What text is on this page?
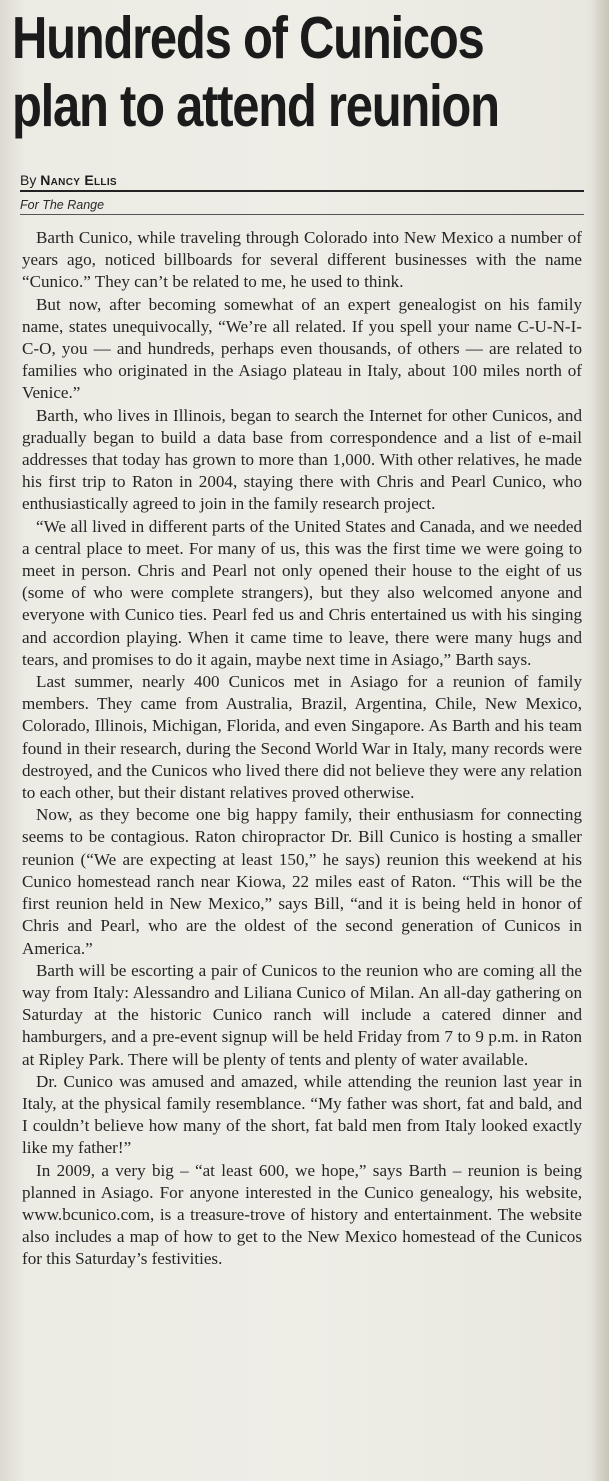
Hundreds of Cunicos
plan to attend reunion
By Nancy Ellis
For The Range

Barth Cunico, while traveling through Colorado into New Mexico a number of years ago, noticed billboards for several different businesses with the name “Cunico.” They can’t be related to me, he used to think.

But now, after becoming somewhat of an expert genealogist on his family name, states unequivocally, “We’re all related. If you spell your name C-U-N-I-C-O, you — and hundreds, perhaps even thousands, of others — are related to families who originated in the Asiago plateau in Italy, about 100 miles north of Venice.”

Barth, who lives in Illinois, began to search the Internet for other Cunicos, and gradually began to build a data base from correspondence and a list of e-mail addresses that today has grown to more than 1,000. With other relatives, he made his first trip to Raton in 2004, staying there with Chris and Pearl Cunico, who enthusiastically agreed to join in the family research project.

“We all lived in different parts of the United States and Canada, and we needed a central place to meet. For many of us, this was the first time we were going to meet in person. Chris and Pearl not only opened their house to the eight of us (some of who were complete strangers), but they also welcomed anyone and everyone with Cunico ties. Pearl fed us and Chris entertained us with his singing and accordion playing. When it came time to leave, there were many hugs and tears, and promises to do it again, maybe next time in Asiago,” Barth says.

Last summer, nearly 400 Cunicos met in Asiago for a reunion of family members. They came from Australia, Brazil, Argentina, Chile, New Mexico, Colorado, Illinois, Michigan, Florida, and even Singapore. As Barth and his team found in their research, during the Second World War in Italy, many records were destroyed, and the Cunicos who lived there did not believe they were any relation to each other, but their distant relatives proved otherwise.

Now, as they become one big happy family, their enthusiasm for connecting seems to be contagious. Raton chiropractor Dr. Bill Cunico is hosting a smaller reunion (“We are expecting at least 150,” he says) reunion this weekend at his Cunico homestead ranch near Kiowa, 22 miles east of Raton. “This will be the first reunion held in New Mexico,” says Bill, “and it is being held in honor of Chris and Pearl, who are the oldest of the second generation of Cunicos in America.”

Barth will be escorting a pair of Cunicos to the reunion who are coming all the way from Italy: Alessandro and Liliana Cunico of Milan. An all-day gathering on Saturday at the historic Cunico ranch will include a catered dinner and hamburgers, and a pre-event signup will be held Friday from 7 to 9 p.m. in Raton at Ripley Park. There will be plenty of tents and plenty of water available.

Dr. Cunico was amused and amazed, while attending the reunion last year in Italy, at the physical family resemblance. “My father was short, fat and bald, and I couldn’t believe how many of the short, fat bald men from Italy looked exactly like my father!”

In 2009, a very big – “at least 600, we hope,” says Barth – reunion is being planned in Asiago. For anyone interested in the Cunico genealogy, his website, www.bcunico.com, is a treasure-trove of history and entertainment. The website also includes a map of how to get to the New Mexico homestead of the Cunicos for this Saturday’s festivities.
